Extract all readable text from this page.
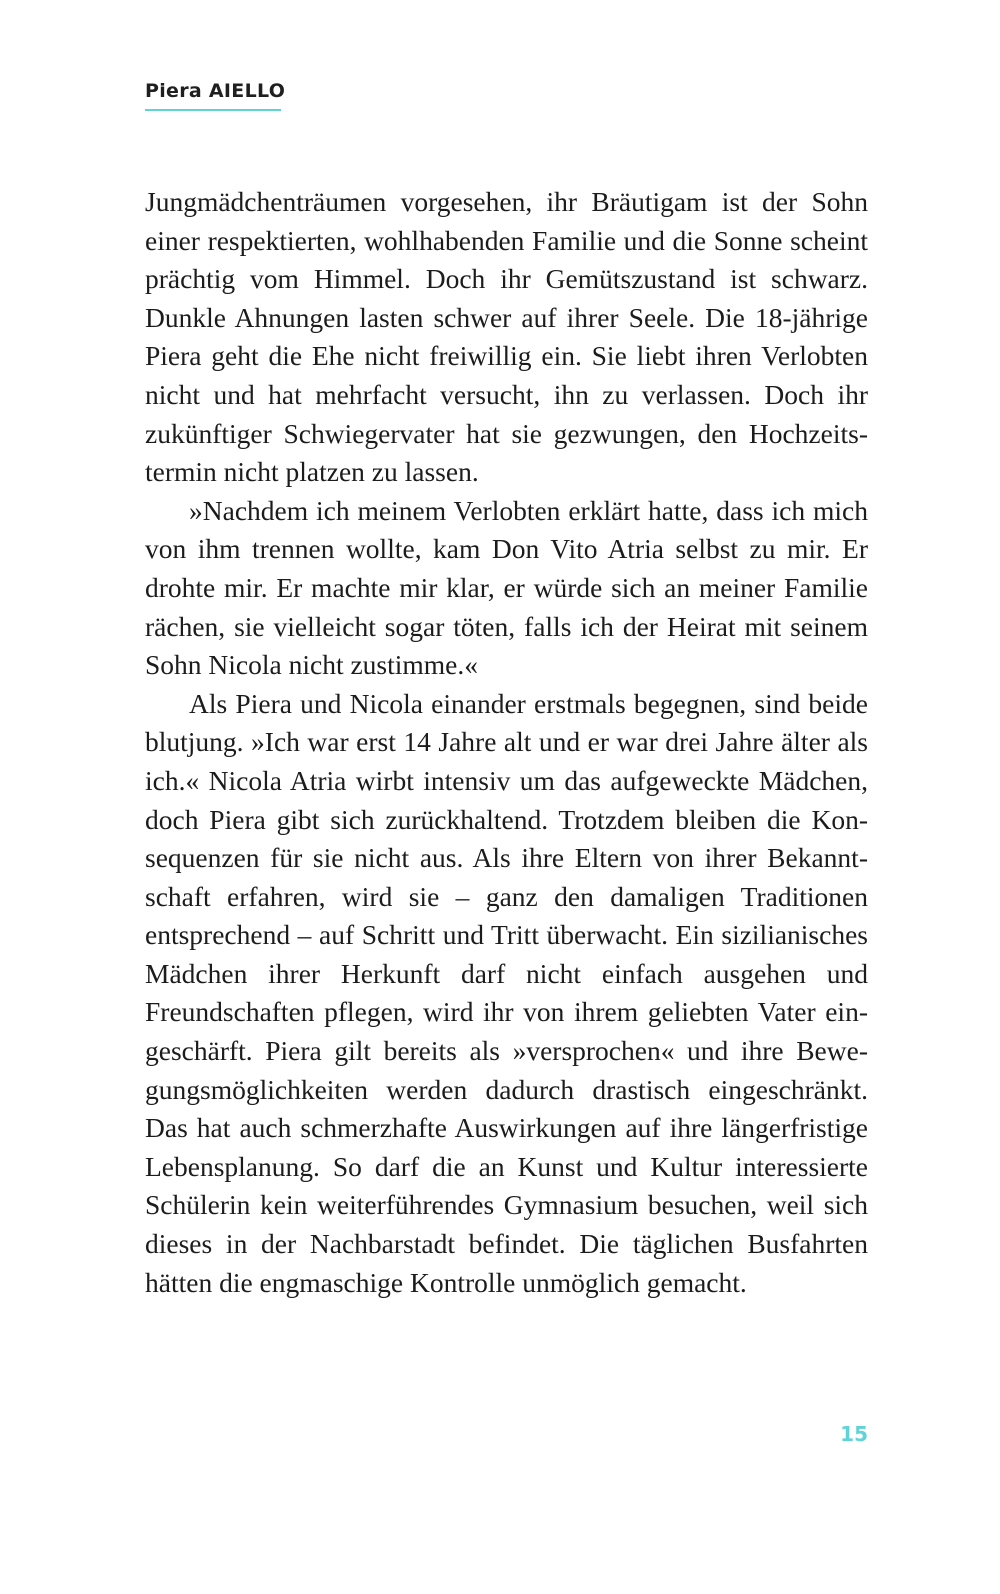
Piera AIELLO

Jungmädchenträumen vorgesehen, ihr Bräutigam ist der Sohn einer respektierten, wohlhabenden Familie und die Sonne scheint prächtig vom Himmel. Doch ihr Gemütszustand ist schwarz. Dunkle Ahnungen lasten schwer auf ihrer Seele. Die 18-jährige Piera geht die Ehe nicht freiwillig ein. Sie liebt ihren Verlobten nicht und hat mehrfacht versucht, ihn zu verlassen. Doch ihr zukünftiger Schwiegervater hat sie gezwungen, den Hochzeitstermin nicht platzen zu lassen.

»Nachdem ich meinem Verlobten erklärt hatte, dass ich mich von ihm trennen wollte, kam Don Vito Atria selbst zu mir. Er drohte mir. Er machte mir klar, er würde sich an meiner Familie rächen, sie vielleicht sogar töten, falls ich der Heirat mit seinem Sohn Nicola nicht zustimme.«

Als Piera und Nicola einander erstmals begegnen, sind beide blutjung. »Ich war erst 14 Jahre alt und er war drei Jahre älter als ich.« Nicola Atria wirbt intensiv um das aufgeweckte Mädchen, doch Piera gibt sich zurückhaltend. Trotzdem bleiben die Konsequenzen für sie nicht aus. Als ihre Eltern von ihrer Bekanntschaft erfahren, wird sie – ganz den damaligen Traditionen entsprechend – auf Schritt und Tritt überwacht. Ein sizilianisches Mädchen ihrer Herkunft darf nicht einfach ausgehen und Freundschaften pflegen, wird ihr von ihrem geliebten Vater eingeschärft. Piera gilt bereits als »versprochen« und ihre Bewegungsmöglichkeiten werden dadurch drastisch eingeschränkt. Das hat auch schmerzhafte Auswirkungen auf ihre längerfristige Lebensplanung. So darf die an Kunst und Kultur interessierte Schülerin kein weiterführendes Gymnasium besuchen, weil sich dieses in der Nachbarstadt befindet. Die täglichen Busfahrten hätten die engmaschige Kontrolle unmöglich gemacht.

15
